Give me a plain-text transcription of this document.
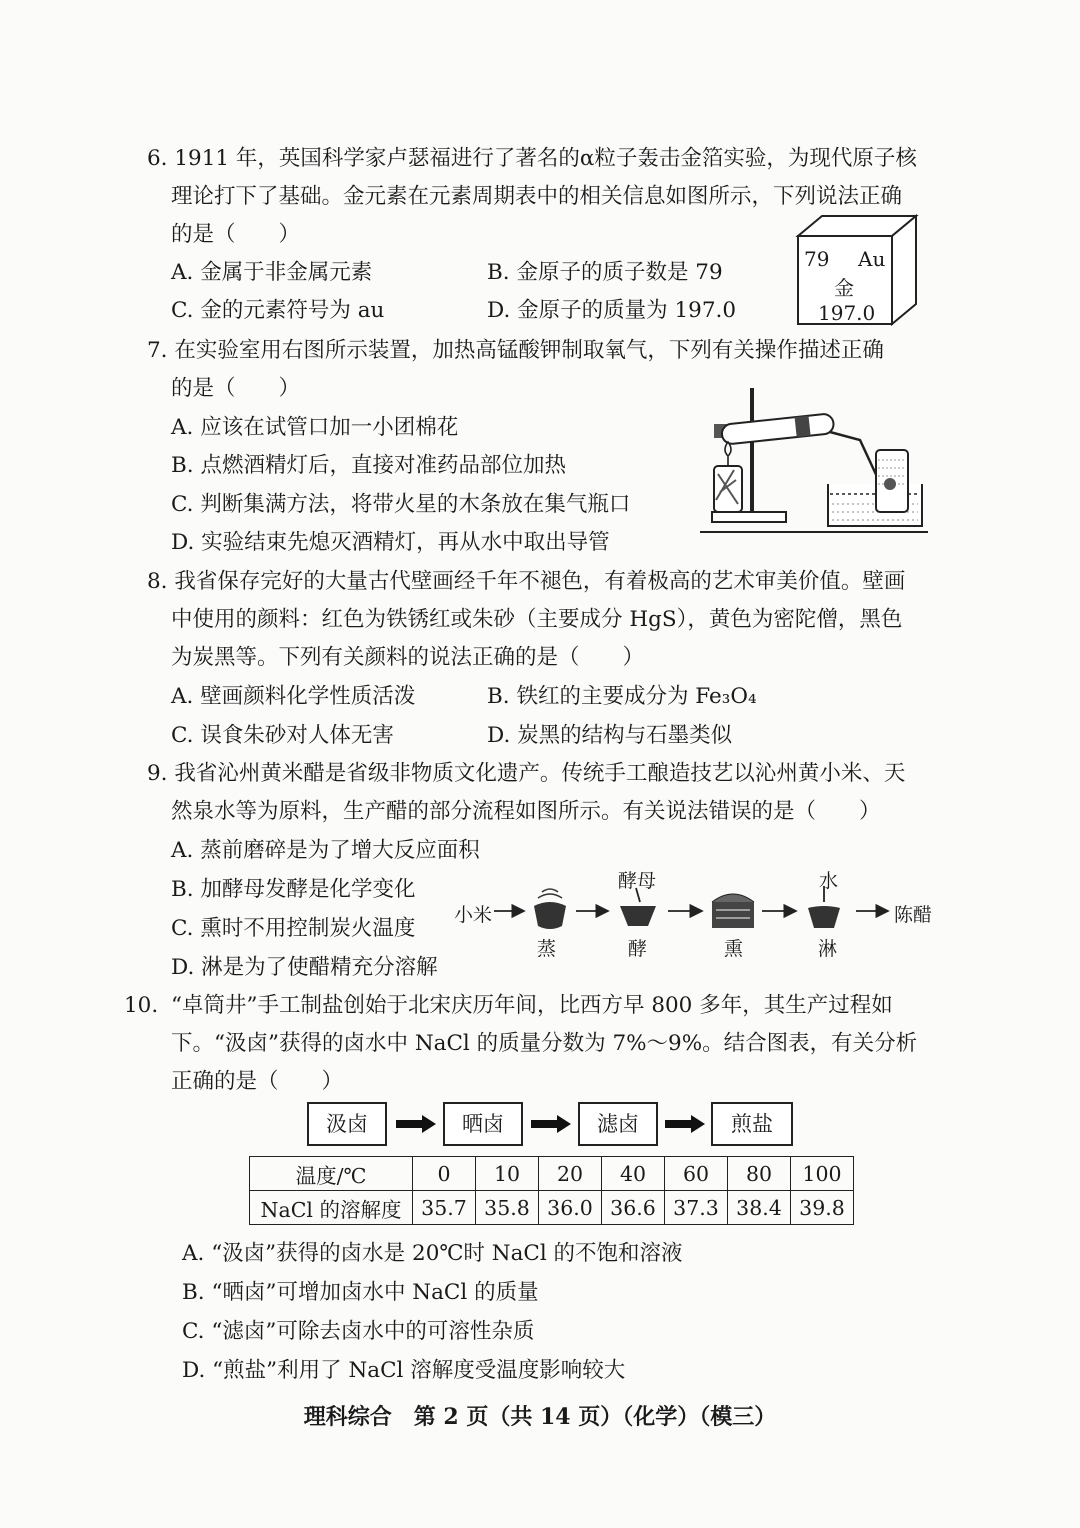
6. 1911 年，英国科学家卢瑟福进行了著名的α粒子轰击金箔实验，为现代原子核
理论打下了基础。金元素在元素周期表中的相关信息如图所示，下列说法正确
的是（　　）
A. 金属于非金属元素	B. 金原子的质子数是 79
C. 金的元素符号为 au	D. 金原子的质量为 197.0
79 Au
金
197.0
7. 在实验室用右图所示装置，加热高锰酸钾制取氧气，下列有关操作描述正确
的是（　　）
A. 应该在试管口加一小团棉花
B. 点燃酒精灯后，直接对准药品部位加热
C. 判断集满方法，将带火星的木条放在集气瓶口
D. 实验结束先熄灭酒精灯，再从水中取出导管
8. 我省保存完好的大量古代壁画经千年不褪色，有着极高的艺术审美价值。壁画
中使用的颜料：红色为铁锈红或朱砂（主要成分 HgS），黄色为密陀僧，黑色
为炭黑等。下列有关颜料的说法正确的是（　　）
A. 壁画颜料化学性质活泼	B. 铁红的主要成分为 Fe₃O₄
C. 误食朱砂对人体无害	D. 炭黑的结构与石墨类似
9. 我省沁州黄米醋是省级非物质文化遗产。传统手工酿造技艺以沁州黄小米、天
然泉水等为原料，生产醋的部分流程如图所示。有关说法错误的是（　　）
A. 蒸前磨碎是为了增大反应面积
B. 加酵母发酵是化学变化
C. 熏时不用控制炭火温度
D. 淋是为了使醋精充分溶解
小米
酵母	水
陈醋
蒸	酵	熏	淋
10. “卓筒井”手工制盐创始于北宋庆历年间，比西方早 800 多年，其生产过程如
下。“汲卤”获得的卤水中 NaCl 的质量分数为 7%～9%。结合图表，有关分析
正确的是（　　）
汲卤	晒卤	滤卤	煎盐
温度/℃	0	10	20	40	60	80	100
NaCl 的溶解度	35.7	35.8	36.0	36.6	37.3	38.4	39.8
A. “汲卤”获得的卤水是 20℃时 NaCl 的不饱和溶液
B. “晒卤”可增加卤水中 NaCl 的质量
C. “滤卤”可除去卤水中的可溶性杂质
D. “煎盐”利用了 NaCl 溶解度受温度影响较大
理科综合　第 2 页（共 14 页）（化学）（模三）
